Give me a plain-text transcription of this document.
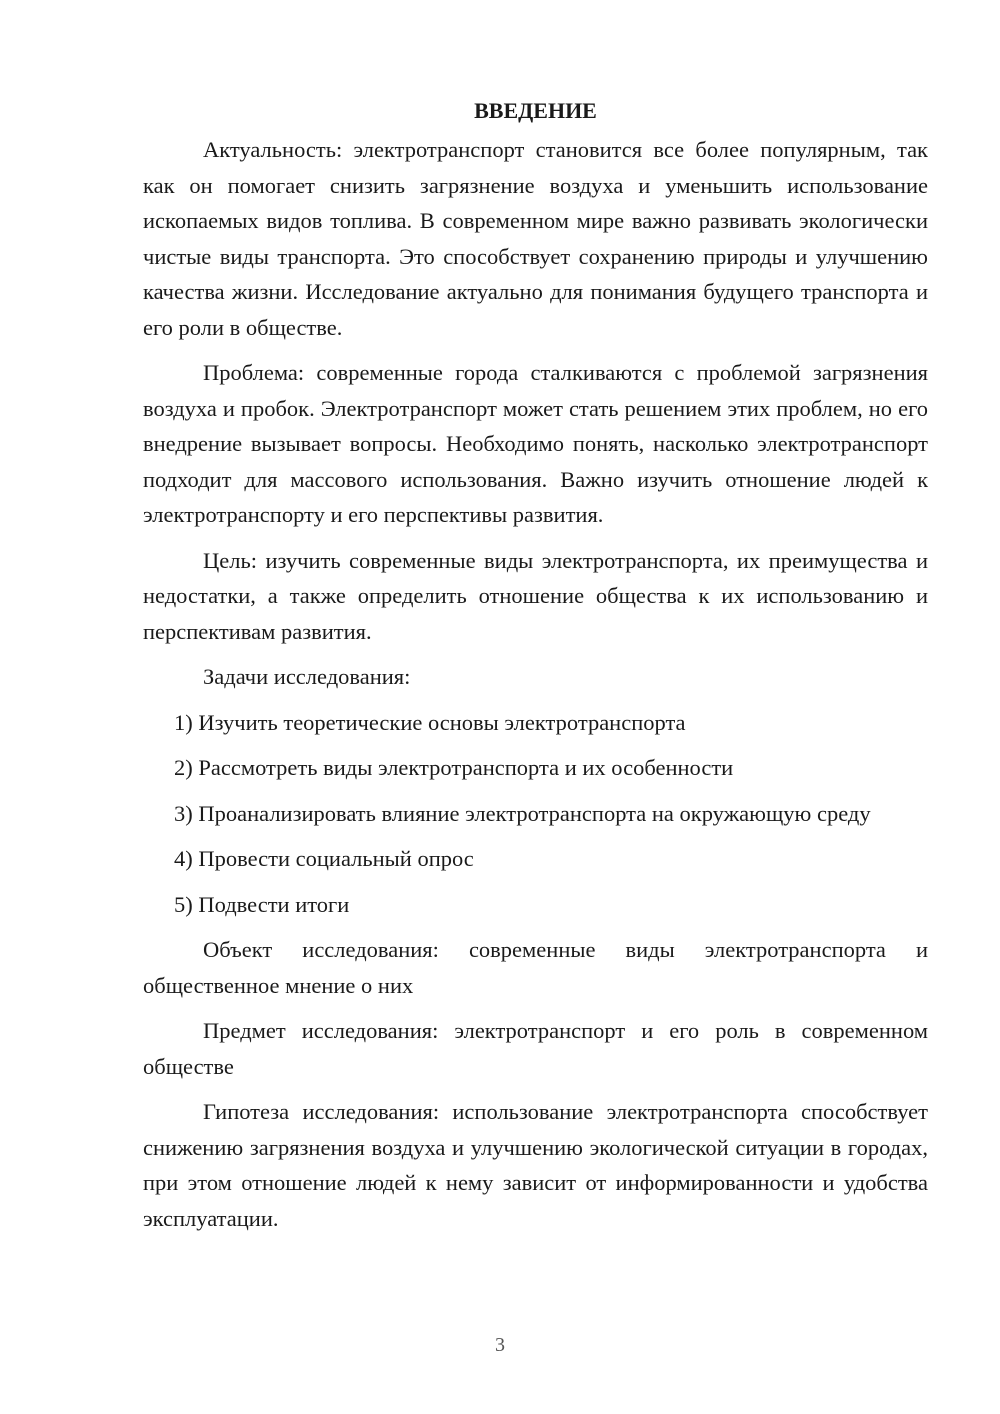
ВВЕДЕНИЕ

Актуальность: электротранспорт становится все более популярным, так как он помогает снизить загрязнение воздуха и уменьшить использование ископаемых видов топлива. В современном мире важно развивать экологически чистые виды транспорта. Это способствует сохранению природы и улучшению качества жизни. Исследование актуально для понимания будущего транспорта и его роли в обществе.

Проблема: современные города сталкиваются с проблемой загрязнения воздуха и пробок. Электротранспорт может стать решением этих проблем, но его внедрение вызывает вопросы. Необходимо понять, насколько электротранспорт подходит для массового использования. Важно изучить отношение людей к электротранспорту и его перспективы развития.

Цель: изучить современные виды электротранспорта, их преимущества и недостатки, а также определить отношение общества к их использованию и перспективам развития.

Задачи исследования:

1) Изучить теоретические основы электротранспорта

2) Рассмотреть виды электротранспорта и их особенности

3) Проанализировать влияние электротранспорта на окружающую среду

4) Провести социальный опрос

5) Подвести итоги

Объект исследования: современные виды электротранспорта и общественное мнение о них

Предмет исследования: электротранспорт и его роль в современном обществе

Гипотеза исследования: использование электротранспорта способствует снижению загрязнения воздуха и улучшению экологической ситуации в городах, при этом отношение людей к нему зависит от информированности и удобства эксплуатации.

3
